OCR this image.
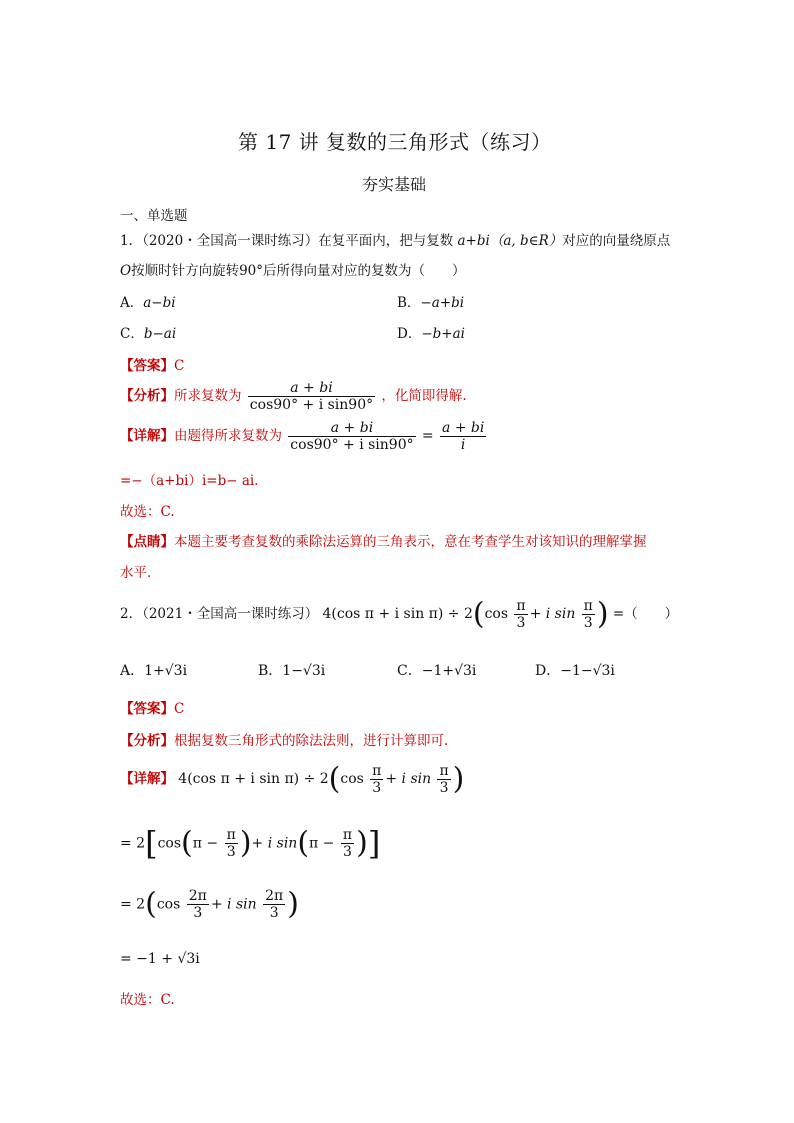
第 17 讲 复数的三角形式（练习）
夯实基础
一、单选题
1．（2020・全国高一课时练习）在复平面内，把与复数 a+bi（a, b∈R）对应的向量绕原点
O按顺时针方向旋转90°后所得向量对应的复数为（　　）
A．a−bi	B．−a+bi
C．b−ai	D．−b+ai
【答案】C
【分析】所求复数为 $\frac{a + bi}{\text{cos90° + i sin90°}}$ ，化简即得解.
【详解】由题得所求复数为 $\frac{a + bi}{\text{cos90° + i sin90°}} = \frac{a + bi}{i}$
=−（a+bi）i=b− ai.
故选：C.
【点睛】本题主要考查复数的乘除法运算的三角表示，意在考查学生对该知识的理解掌握
水平.
2．（2021・全国高一课时练习） 4(cos π + i $\sin \pi) \div 2(\cos \frac{\pi}{3} + i$ $\sin \frac{\pi}{3}$ ) =（　　）
A．1+√3i	B．1−√3i	C．−1+√3i	D．−1−√3i
【答案】C
【分析】根据复数三角形式的除法法则，进行计算即可.
【详解】 4(cos π + i $\sin \pi) \div 2(\cos \frac{\pi}{3} + i$ $\sin \frac{\pi}{3}$ )
= $2[\cos(\pi - \frac{\pi}{3}$ )+ i $\sin(\pi - \frac{\pi}{3}$ )]
= $2(\cos \frac{2\pi}{3} + i$ $\sin \frac{2\pi}{3}$ )
= −1 + √3i
故选：C.
